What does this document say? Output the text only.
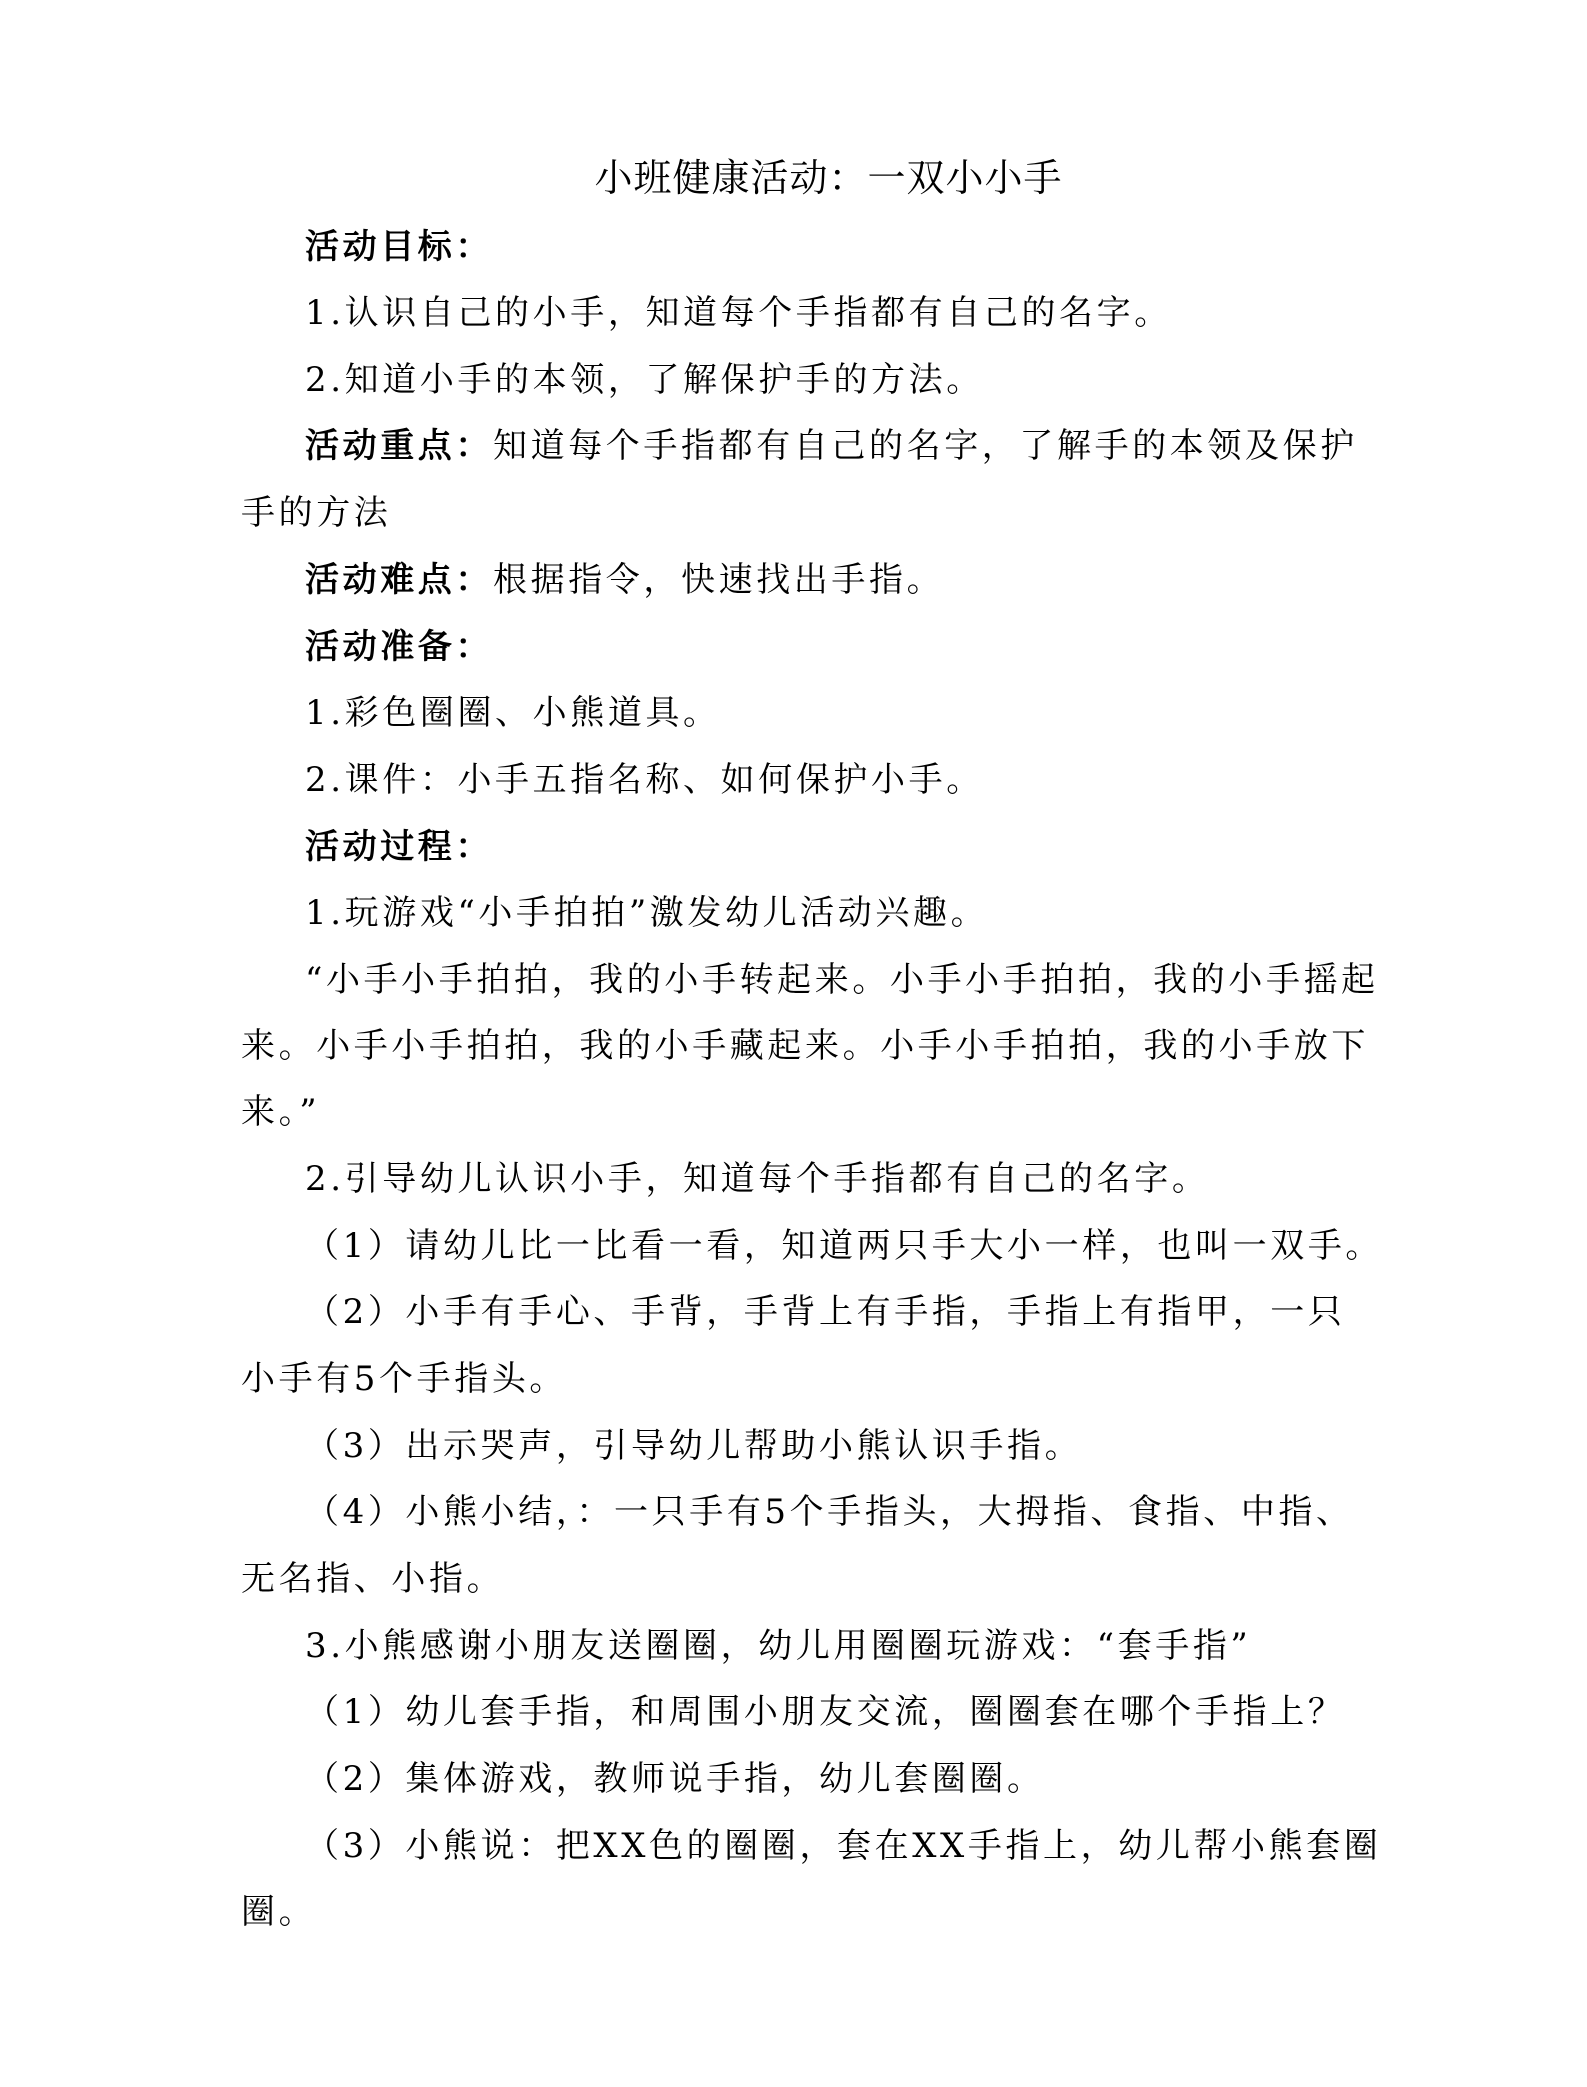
小班健康活动：一双小小手
活动目标：
1.认识自己的小手，知道每个手指都有自己的名字。
2.知道小手的本领，了解保护手的方法。
活动重点：知道每个手指都有自己的名字，了解手的本领及保护
手的方法
活动难点：根据指令，快速找出手指。
活动准备：
1.彩色圈圈、小熊道具。
2.课件：小手五指名称、如何保护小手。
活动过程：
1.玩游戏“小手拍拍”激发幼儿活动兴趣。
“小手小手拍拍，我的小手转起来。小手小手拍拍，我的小手摇起
来。小手小手拍拍，我的小手藏起来。小手小手拍拍，我的小手放下
来。”
2.引导幼儿认识小手，知道每个手指都有自己的名字。
（1）请幼儿比一比看一看，知道两只手大小一样，也叫一双手。
（2）小手有手心、手背，手背上有手指，手指上有指甲，一只
小手有5个手指头。
（3）出示哭声，引导幼儿帮助小熊认识手指。
（4）小熊小结，：一只手有5个手指头，大拇指、食指、中指、
无名指、小指。
3.小熊感谢小朋友送圈圈，幼儿用圈圈玩游戏：“套手指”
（1）幼儿套手指，和周围小朋友交流，圈圈套在哪个手指上？
（2）集体游戏，教师说手指，幼儿套圈圈。
（3）小熊说：把XX色的圈圈，套在XX手指上，幼儿帮小熊套圈
圈。
